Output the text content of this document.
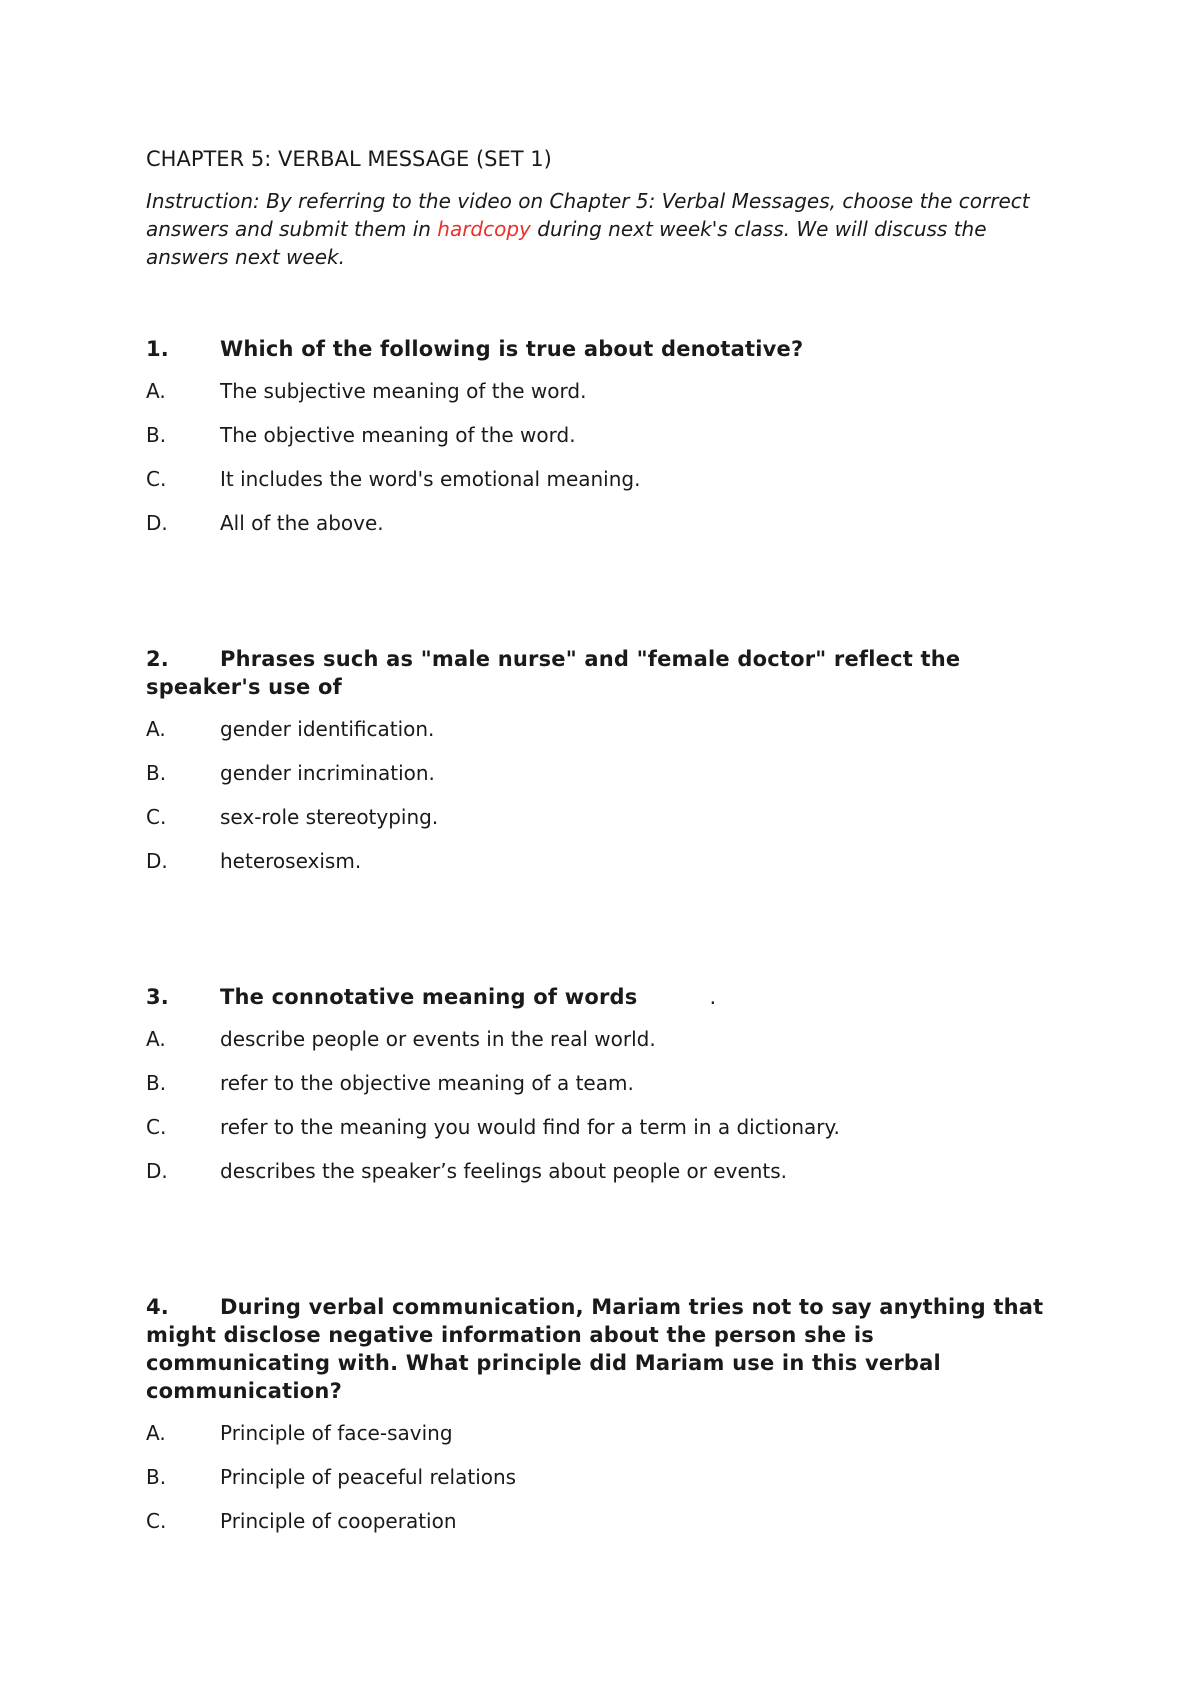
CHAPTER 5: VERBAL MESSAGE (SET 1)

Instruction: By referring to the video on Chapter 5: Verbal Messages, choose the correct answers and submit them in hardcopy during next week's class. We will discuss the answers next week.

1. Which of the following is true about denotative?

A.	The subjective meaning of the word.
B.	The objective meaning of the word.
C.	It includes the word's emotional meaning.
D.	All of the above.

2. Phrases such as "male nurse" and "female doctor" reflect the speaker's use of

A.	gender identification.
B.	gender incrimination.
C.	sex-role stereotyping.
D.	heterosexism.

3. The connotative meaning of words	.

A.	describe people or events in the real world.
B.	refer to the objective meaning of a team.
C.	refer to the meaning you would find for a term in a dictionary.
D.	describes the speaker’s feelings about people or events.

4. During verbal communication, Mariam tries not to say anything that might disclose negative information about the person she is communicating with. What principle did Mariam use in this verbal communication?

A.	Principle of face-saving
B.	Principle of peaceful relations
C.	Principle of cooperation
